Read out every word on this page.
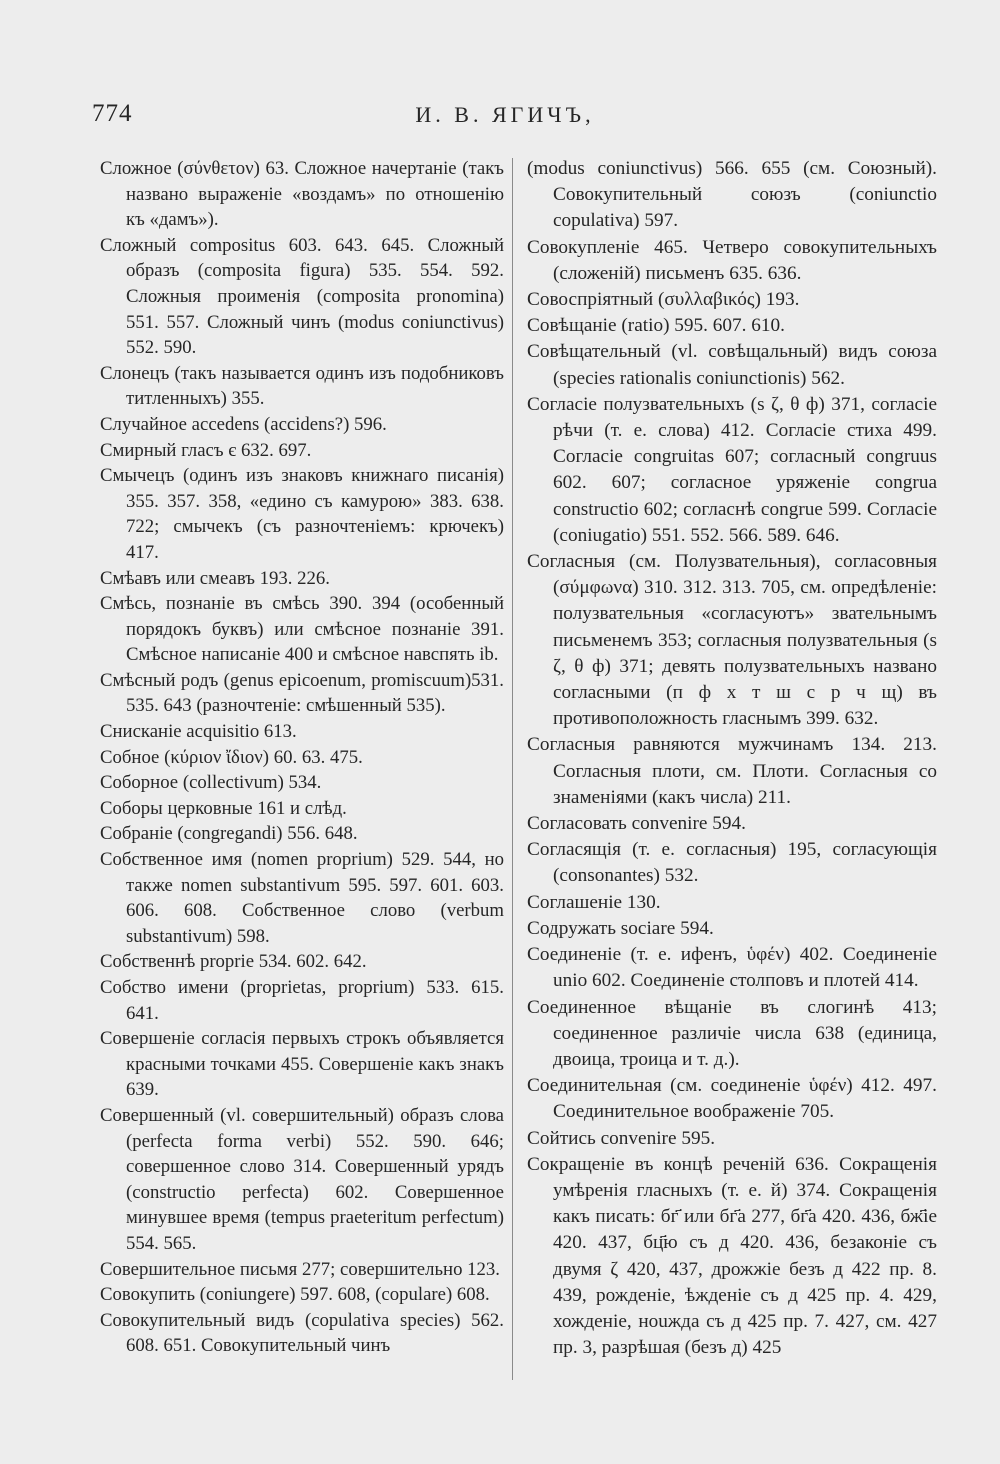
774	И. В. ЯГИЧЪ,
Сложное (σύνθετον) 63. Сложное начертаніе (такъ названо выраженіе «воздамъ» по отношенію къ «дамъ»).
Сложный compositus 603. 643. 645. Сложный образъ (composita figura) 535. 554. 592. Сложныя проименія (composita pronomina) 551. 557. Сложный чинъ (modus coniunctivus) 552. 590.
Слонецъ (такъ называется одинъ изъ подобниковъ титленныхъ) 355.
Случайное accedens (accidens?) 596.
Смирный гласъ є 632. 697.
Смычецъ (одинъ изъ знаковъ книжнаго писанія) 355. 357. 358, «едино съ камурою» 383. 638. 722; смычекъ (съ разночтеніемъ: крючекъ) 417.
Смѣавъ или смеавъ 193. 226.
Смѣсь, познаніе въ смѣсь 390. 394 (особенный порядокъ буквъ) или смѣсное познаніе 391. Смѣсное написаніе 400 и смѣсное навспять ib.
Смѣсный родъ (genus epicoenum, promiscuum)531. 535. 643 (разночтеніе: смѣшенный 535).
Снисканіе acquisitio 613.
Собное (κύριον ἴδιον) 60. 63. 475.
Соборное (collectivum) 534.
Соборы церковные 161 и слѣд.
Собраніе (congregandi) 556. 648.
Собственное имя (nomen proprium) 529. 544, но также nomen substantivum 595. 597. 601. 603. 606. 608. Собственное слово (verbum substantivum) 598.
Собственнѣ proprie 534. 602. 642.
Собство имени (proprietas, proprium) 533. 615. 641.
Совершеніе согласія первыхъ строкъ объявляется красными точками 455. Совершеніе какъ знакъ 639.
Совершенный (vl. совершительный) образъ слова (perfecta forma verbi) 552. 590. 646; совершенное слово 314. Совершенный урядъ (constructio perfecta) 602. Совершенное минувшее время (tempus praeteritum perfectum) 554. 565.
Совершительное письмя 277; совершительно 123.
Совокупить (coniungere) 597. 608, (copulare) 608.
Совокупительный видъ (copulativa species) 562. 608. 651. Совокупительный чинъ
(modus coniunctivus) 566. 655 (см. Союзный). Совокупительный союзъ (coniunctio copulativa) 597.
Совокупленіе 465. Четверо совокупительныхъ (сложеній) письменъ 635. 636.
Совоспріятный (συλλαβικός) 193.
Совѣщаніе (ratio) 595. 607. 610.
Совѣщательный (vl. совѣщальный) видъ союза (species rationalis coniunctionis) 562.
Согласіе полузвательныхъ (s ζ, θ ф) 371, согласіе рѣчи (т. е. слова) 412. Согласіе стиха 499. Согласіе congruitas 607; согласный congruus 602. 607; согласное уряженіе congrua constructio 602; согласнѣ congrue 599. Согласіе (coniugatio) 551. 552. 566. 589. 646.
Согласныя (см. Полузвательныя), согласовныя (σύμφωνα) 310. 312. 313. 705, см. опредѣленіе: полузвательныя «согласуютъ» звательнымъ письменемъ 353; согласныя полузвательныя (s ζ, θ ф) 371; девять полузвательныхъ названо согласными (п ф х т ш с р ч щ) въ противоположность гласнымъ 399. 632.
Согласныя равняются мужчинамъ 134. 213. Согласныя плоти, см. Плоти. Согласныя со знаменіями (какъ числа) 211.
Согласовать convenire 594.
Согласящія (т. е. согласныя) 195, согласующія (consonantes) 532.
Соглашеніе 130.
Содружать sociare 594.
Соединеніе (т. е. ифенъ, ὑφέν) 402. Соединеніе unio 602. Соединеніе столповъ и плотей 414.
Соединенное вѣщаніе въ слогинѣ 413; соединенное различіе числа 638 (единица, двоица, троица и т. д.).
Соединительная (см. соединеніе ὑφέν) 412. 497. Соединительное воображеніе 705.
Сойтись convenire 595.
Сокращеніе въ концѣ реченій 636. Сокращенія умѣренія гласныхъ (т. е. й) 374. Сокращенія какъ писать: бг҃ или бг҃а 277, бг҃а 420. 436, бж҃іе 420. 437, бц҃ю съ д 420. 436, безаконіе съ двумя ζ 420, 437, дрожжіе безъ д 422 пр. 8. 439, рожденіе, ѣжденіе съ д 425 пр. 4. 429, хожденіе, нouжда съ д 425 пр. 7. 427, см. 427 пр. 3, разрѣшая (безъ д) 425
